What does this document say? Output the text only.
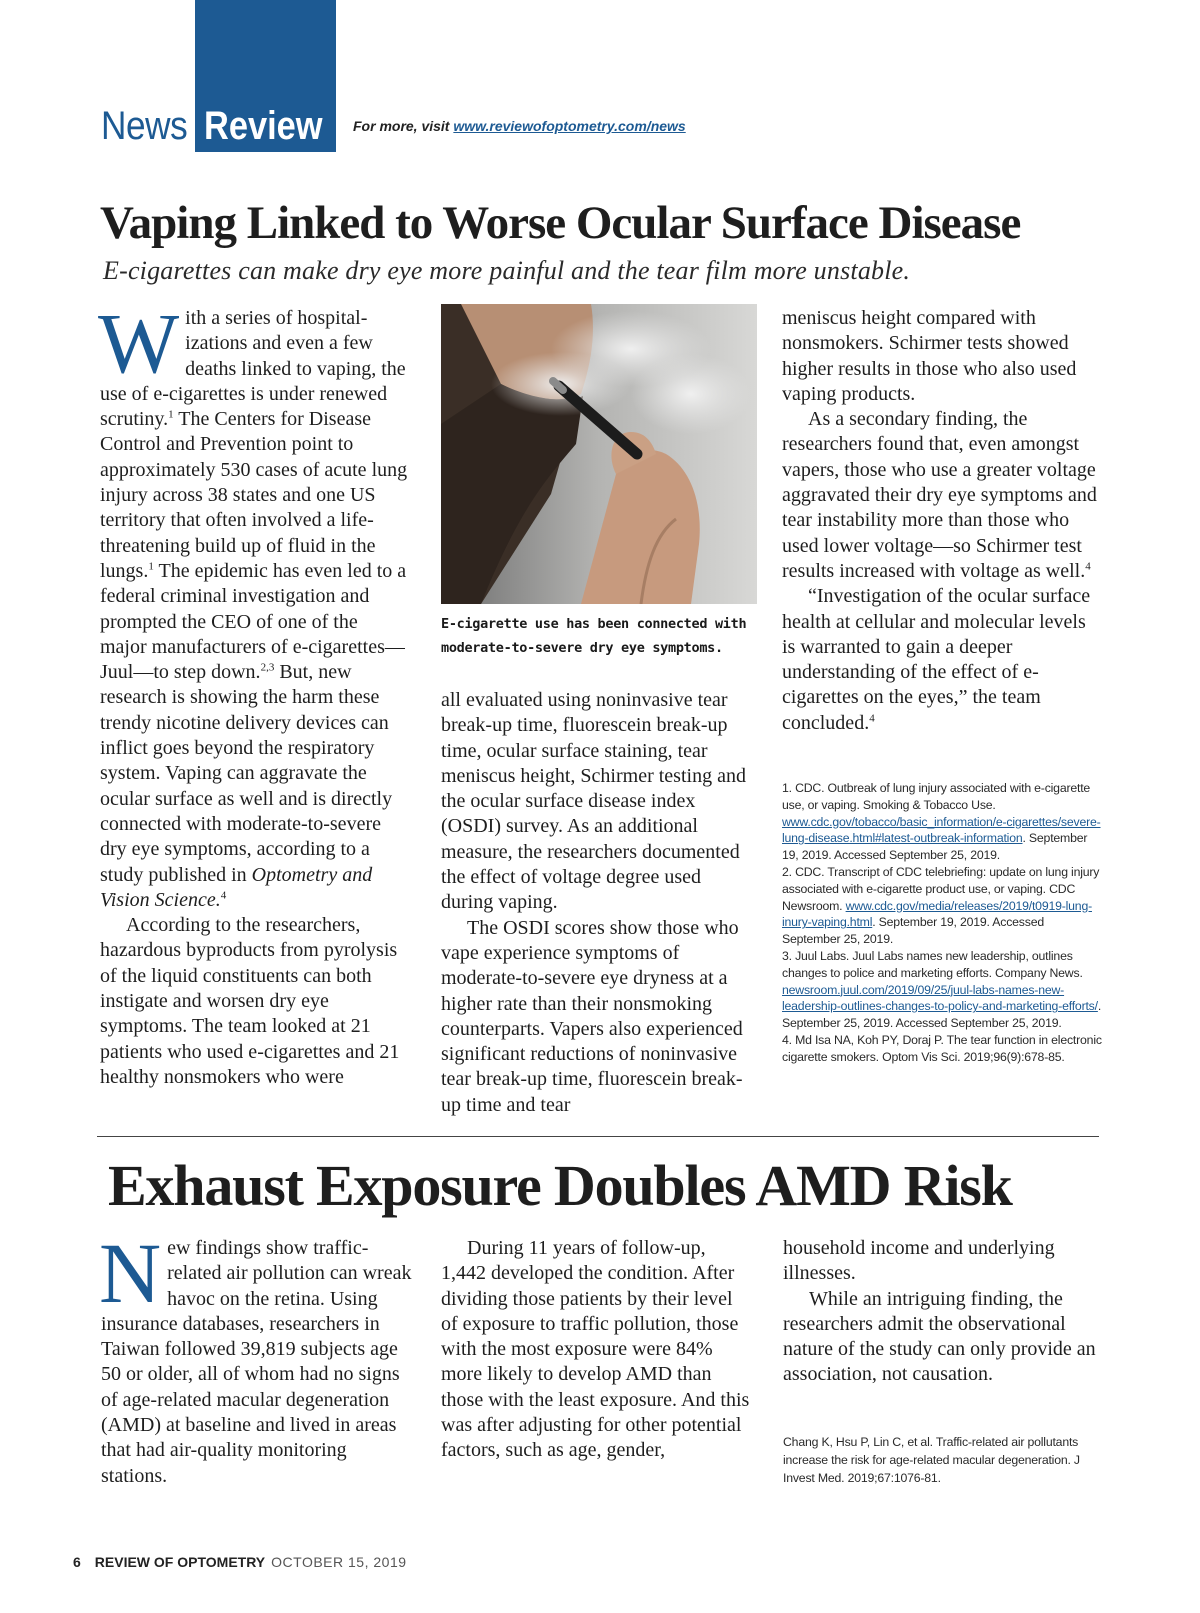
News Review For more, visit www.reviewofoptometry.com/news
Vaping Linked to Worse Ocular Surface Disease
E-cigarettes can make dry eye more painful and the tear film more unstable.

With a series of hospitalizations and even a few deaths linked to vaping, the use of e-cigarettes is under renewed scrutiny.$^1$ The Centers for Disease Control and Prevention point to approximately 530 cases of acute lung injury across 38 states and one US territory that often involved a life-threatening build up of fluid in the lungs.$^1$ The epidemic has even led to a federal criminal investigation and prompted the CEO of one of the major manufacturers of e-cigarettes—Juul—to step down.$^{2,3}$ But, new research is showing the harm these trendy nicotine delivery devices can inflict goes beyond the respiratory system. Vaping can aggravate the ocular surface as well and is directly connected with moderate-to-severe dry eye symptoms, according to a study published in Optometry and Vision Science.$^4$

According to the researchers, hazardous byproducts from pyrolysis of the liquid constituents can both instigate and worsen dry eye symptoms. The team looked at 21 patients who used e-cigarettes and 21 healthy nonsmokers who were

E-cigarette use has been connected with moderate-to-severe dry eye symptoms.

all evaluated using noninvasive tear break-up time, fluorescein break-up time, ocular surface staining, tear meniscus height, Schirmer testing and the ocular surface disease index (OSDI) survey. As an additional measure, the researchers documented the effect of voltage degree used during vaping.

The OSDI scores show those who vape experience symptoms of moderate-to-severe eye dryness at a higher rate than their nonsmoking counterparts. Vapers also experienced significant reductions of noninvasive tear break-up time, fluorescein break-up time and tear

meniscus height compared with nonsmokers. Schirmer tests showed higher results in those who also used vaping products.

As a secondary finding, the researchers found that, even amongst vapers, those who use a greater voltage aggravated their dry eye symptoms and tear instability more than those who used lower voltage—so Schirmer test results increased with voltage as well.$^4$

“Investigation of the ocular surface health at cellular and molecular levels is warranted to gain a deeper understanding of the effect of e-cigarettes on the eyes,” the team concluded.$^4$

1. CDC. Outbreak of lung injury associated with e-cigarette use, or vaping. Smoking & Tobacco Use. www.cdc.gov/tobacco/basic_information/e-cigarettes/severe-lung-disease.html#latest-outbreak-information. September 19, 2019. Accessed September 25, 2019.

2. CDC. Transcript of CDC telebriefing: update on lung injury associated with e-cigarette product use, or vaping. CDC Newsroom. www.cdc.gov/media/releases/2019/t0919-lung-inury-vaping.html. September 19, 2019. Accessed September 25, 2019.

3. Juul Labs. Juul Labs names new leadership, outlines changes to police and marketing efforts. Company News. newsroom.juul.com/2019/09/25/juul-labs-names-new-leadership-outlines-changes-to-policy-and-marketing-efforts/. September 25, 2019. Accessed September 25, 2019.

4. Md Isa NA, Koh PY, Doraj P. The tear function in electronic cigarette smokers. Optom Vis Sci. 2019;96(9):678-85.

Exhaust Exposure Doubles AMD Risk

New findings show traffic-related air pollution can wreak havoc on the retina. Using insurance databases, researchers in Taiwan followed 39,819 subjects age 50 or older, all of whom had no signs of age-related macular degeneration (AMD) at baseline and lived in areas that had air-quality monitoring stations.

During 11 years of follow-up, 1,442 developed the condition. After dividing those patients by their level of exposure to traffic pollution, those with the most exposure were 84% more likely to develop AMD than those with the least exposure. And this was after adjusting for other potential factors, such as age, gender,

household income and underlying illnesses.

While an intriguing finding, the researchers admit the observational nature of the study can only provide an association, not causation.

Chang K, Hsu P, Lin C, et al. Traffic-related air pollutants increase the risk for age-related macular degeneration. J Invest Med. 2019;67:1076-81.

6 REVIEW OF OPTOMETRY OCTOBER 15, 2019
